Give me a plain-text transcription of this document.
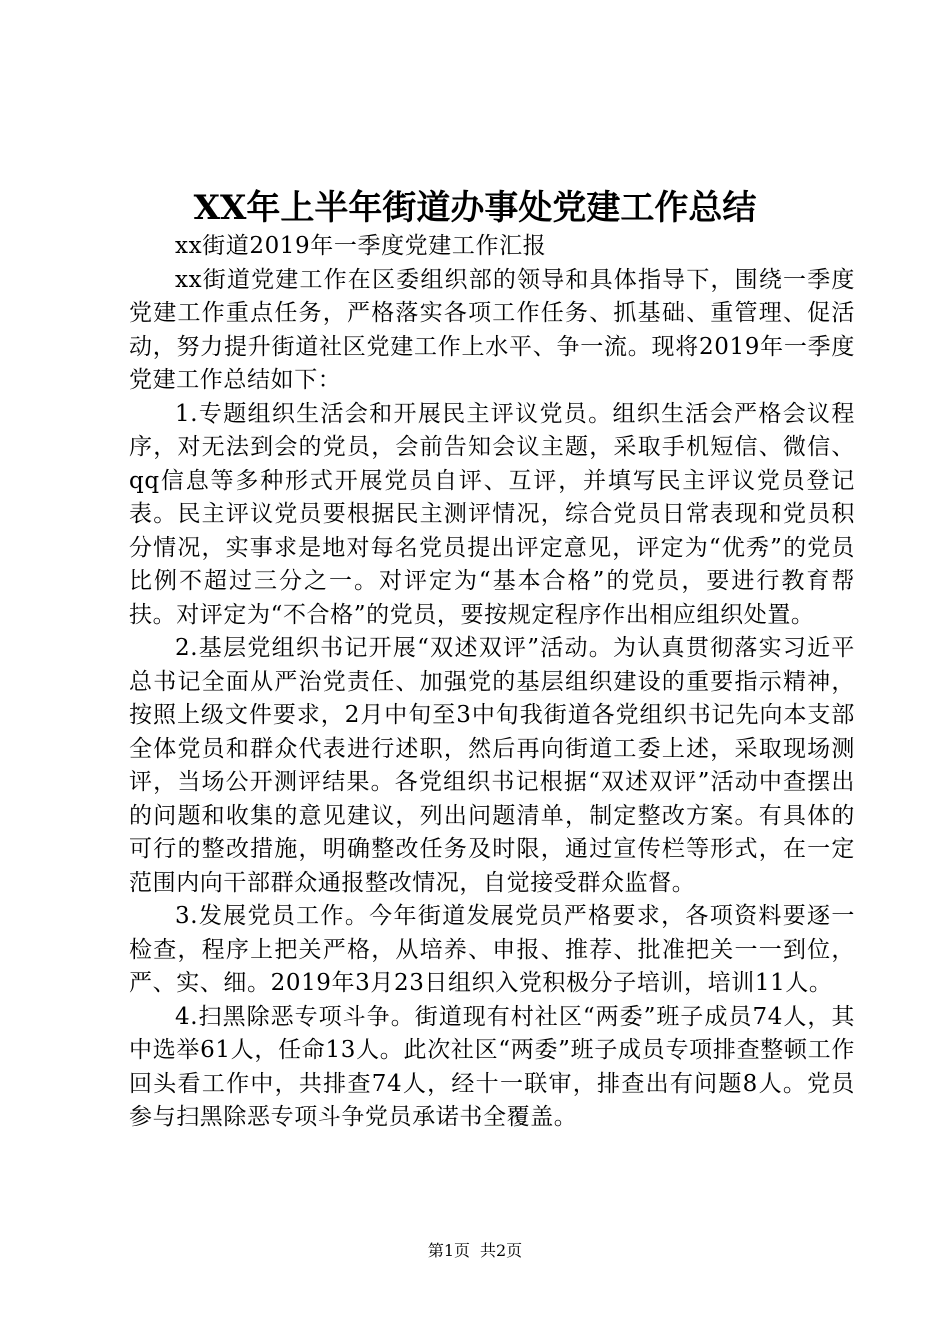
XX年上半年街道办事处党建工作总结

xx街道2019年一季度党建工作汇报

xx街道党建工作在区委组织部的领导和具体指导下，围绕一季度党建工作重点任务，严格落实各项工作任务、抓基础、重管理、促活动，努力提升街道社区党建工作上水平、争一流。现将2019年一季度党建工作总结如下：

1.专题组织生活会和开展民主评议党员。组织生活会严格会议程序，对无法到会的党员，会前告知会议主题，采取手机短信、微信、qq信息等多种形式开展党员自评、互评，并填写民主评议党员登记表。民主评议党员要根据民主测评情况，综合党员日常表现和党员积分情况，实事求是地对每名党员提出评定意见，评定为“优秀”的党员比例不超过三分之一。对评定为“基本合格”的党员，要进行教育帮扶。对评定为“不合格”的党员，要按规定程序作出相应组织处置。

2.基层党组织书记开展“双述双评”活动。为认真贯彻落实习近平总书记全面从严治党责任、加强党的基层组织建设的重要指示精神，按照上级文件要求，2月中旬至3中旬我街道各党组织书记先向本支部全体党员和群众代表进行述职，然后再向街道工委上述，采取现场测评，当场公开测评结果。各党组织书记根据“双述双评”活动中查摆出的问题和收集的意见建议，列出问题清单，制定整改方案。有具体的可行的整改措施，明确整改任务及时限，通过宣传栏等形式，在一定范围内向干部群众通报整改情况，自觉接受群众监督。

3.发展党员工作。今年街道发展党员严格要求，各项资料要逐一检查，程序上把关严格，从培养、申报、推荐、批准把关一一到位，严、实、细。2019年3月23日组织入党积极分子培训，培训11人。

4.扫黑除恶专项斗争。街道现有村社区“两委”班子成员74人，其中选举61人，任命13人。此次社区“两委”班子成员专项排查整顿工作回头看工作中，共排查74人，经十一联审，排查出有问题8人。党员参与扫黑除恶专项斗争党员承诺书全覆盖。

第1页 共2页
